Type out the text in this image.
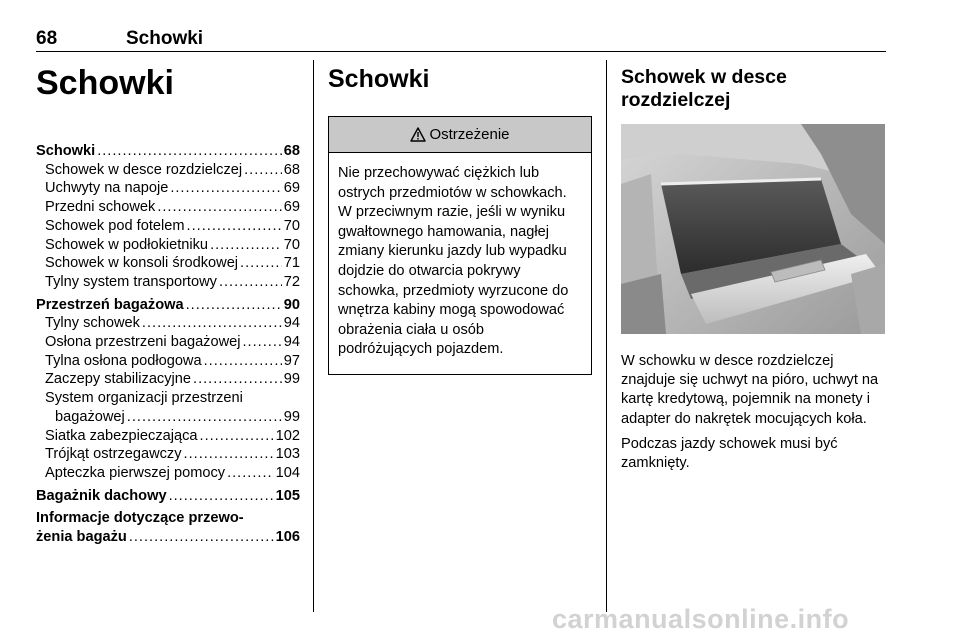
68	Schowki
Schowki
Schowki .....	68
Schowek w desce rozdzielczej .....	68
Uchwyty na napoje .....	69
Przedni schowek .....	69
Schowek pod fotelem .....	70
Schowek w podłokietniku .....	70
Schowek w konsoli środkowej .....	71
Tylny system transportowy .....	72
Przestrzeń bagażowa .....	90
Tylny schowek .....	94
Osłona przestrzeni bagażowej .....	94
Tylna osłona podłogowa .....	97
Zaczepy stabilizacyjne .....	99
System organizacji przestrzeni
bagażowej .....	99
Siatka zabezpieczająca .....	102
Trójkąt ostrzegawczy .....	103
Apteczka pierwszej pomocy .....	104
Bagażnik dachowy .....	105
Informacje dotyczące przewo-
żenia bagażu .....	106
Schowki
Ostrzeżenie
Nie przechowywać ciężkich lub ostrych przedmiotów w schowkach. W przeciwnym razie, jeśli w wyniku gwałtownego hamowania, nagłej zmiany kierunku jazdy lub wypadku dojdzie do otwarcia pokrywy schowka, przedmioty wyrzucone do wnętrza kabiny mogą spowodować obrażenia ciała u osób podróżujących pojazdem.
Schowek w desce
rozdzielczej
W schowku w desce rozdzielczej znajduje się uchwyt na pióro, uchwyt na kartę kredytową, pojemnik na monety i adapter do nakrętek mocujących koła.
Podczas jazdy schowek musi być zamknięty.
carmanualsonline.info
